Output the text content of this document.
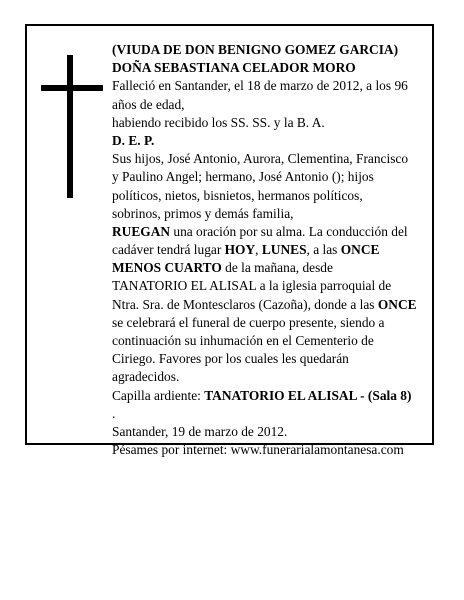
(VIUDA DE DON BENIGNO GOMEZ GARCIA)
DOÑA SEBASTIANA CELADOR MORO
Falleció en Santander, el 18 de marzo de 2012, a los 96
años de edad,
habiendo recibido los SS. SS. y la B. A.
D. E. P.
Sus hijos, José Antonio, Aurora, Clementina, Francisco
y Paulino Angel; hermano, José Antonio (); hijos
políticos, nietos, bisnietos, hermanos políticos,
sobrinos, primos y demás familia,
RUEGAN una oración por su alma. La conducción del
cadáver tendrá lugar HOY, LUNES, a las ONCE
MENOS CUARTO de la mañana, desde
TANATORIO EL ALISAL a la iglesia parroquial de
Ntra. Sra. de Montesclaros (Cazoña), donde a las ONCE
se celebrará el funeral de cuerpo presente, siendo a
continuación su inhumación en el Cementerio de
Ciriego. Favores por los cuales les quedarán
agradecidos.
Capilla ardiente: TANATORIO EL ALISAL - (Sala 8)
.
Santander, 19 de marzo de 2012.
Pésames por internet: www.funerarialamontanesa.com
